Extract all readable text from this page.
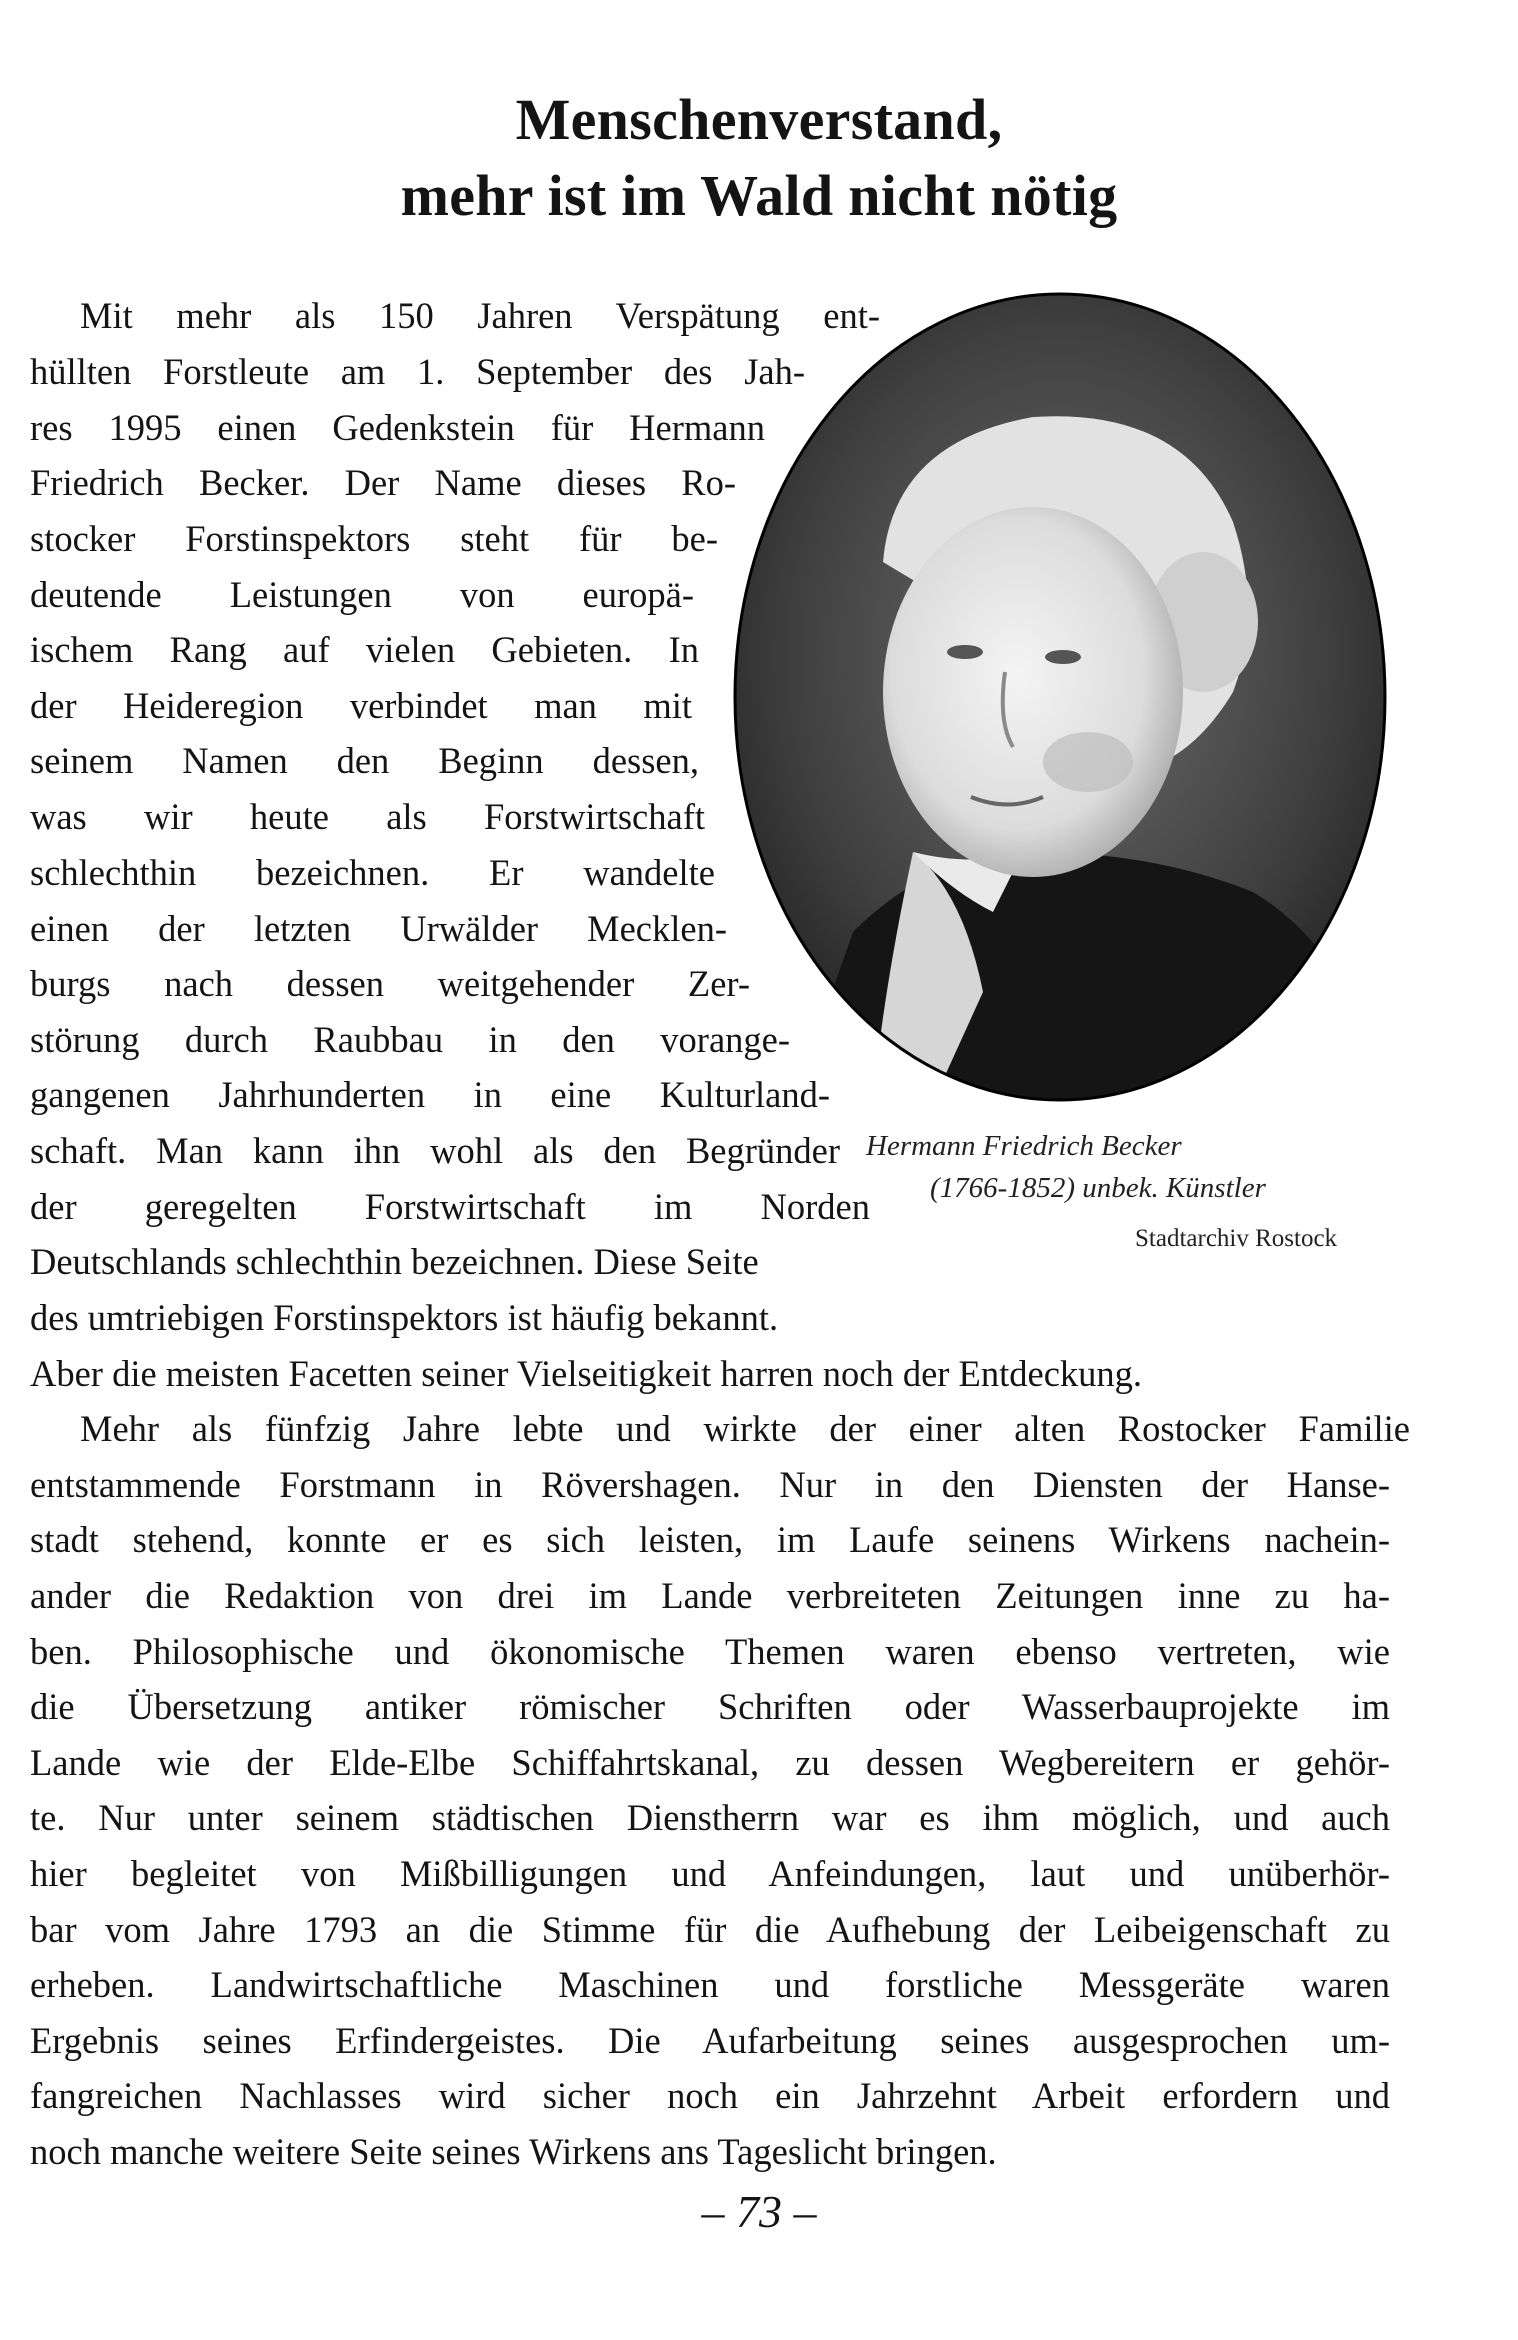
Menschenverstand,
mehr ist im Wald nicht nötig
Mit mehr als 150 Jahren Verspätung ent-
hüllten Forstleute am 1. September des Jah-
res 1995 einen Gedenkstein für Hermann
Friedrich Becker. Der Name dieses Ro-
stocker Forstinspektors steht für be-
deutende Leistungen von europä-
ischem Rang auf vielen Gebieten. In
der Heideregion verbindet man mit
seinem Namen den Beginn dessen,
was wir heute als Forstwirtschaft
schlechthin bezeichnen. Er wandelte
einen der letzten Urwälder Mecklen-
burgs nach dessen weitgehender Zer-
störung durch Raubbau in den vorange-
gangenen Jahrhunderten in eine Kulturland-
schaft. Man kann ihn wohl als den Begründer
der geregelten Forstwirtschaft im Norden
Deutschlands schlechthin bezeichnen. Diese Seite
des umtriebigen Forstinspektors ist häufig bekannt.
Aber die meisten Facetten seiner Vielseitigkeit harren noch der Entdeckung.
Mehr als fünfzig Jahre lebte und wirkte der einer alten Rostocker Familie
entstammende Forstmann in Rövershagen. Nur in den Diensten der Hanse-
stadt stehend, konnte er es sich leisten, im Laufe seinens Wirkens nachein-
ander die Redaktion von drei im Lande verbreiteten Zeitungen inne zu ha-
ben. Philosophische und ökonomische Themen waren ebenso vertreten, wie
die Übersetzung antiker römischer Schriften oder Wasserbauprojekte im
Lande wie der Elde-Elbe Schiffahrtskanal, zu dessen Wegbereitern er gehör-
te. Nur unter seinem städtischen Dienstherrn war es ihm möglich, und auch
hier begleitet von Mißbilligungen und Anfeindungen, laut und unüberhör-
bar vom Jahre 1793 an die Stimme für die Aufhebung der Leibeigenschaft zu
erheben. Landwirtschaftliche Maschinen und forstliche Messgeräte waren
Ergebnis seines Erfindergeistes. Die Aufarbeitung seines ausgesprochen um-
fangreichen Nachlasses wird sicher noch ein Jahrzehnt Arbeit erfordern und
noch manche weitere Seite seines Wirkens ans Tageslicht bringen.
Hermann Friedrich Becker
(1766-1852) unbek. Künstler
Stadtarchiv Rostock
– 73 –
